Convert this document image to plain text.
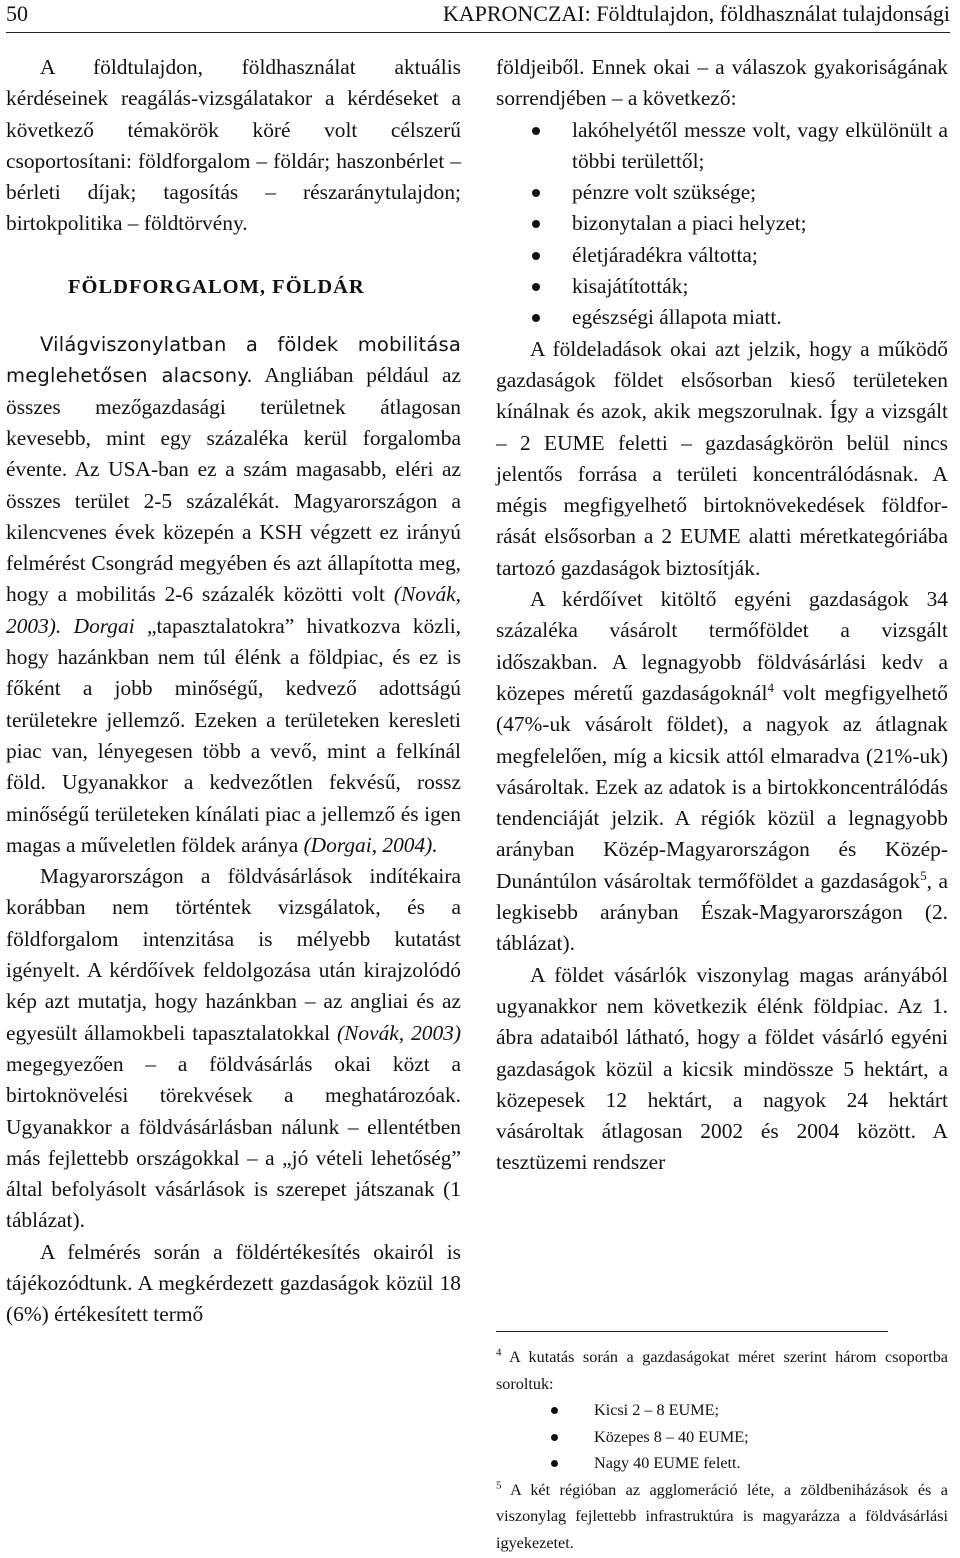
50	KAPRONCZAI: Földtulajdon, földhasználat tulajdonsági

A földtulajdon, földhasználat aktuális kérdéseinek reagálás-vizsgálatakor a kérdéseket a következő témakörök köré volt célszerű csoportosítani: földforgalom – földár; haszonbérlet – bérleti díjak; tagosítás – részaránytulajdon; birtokpolitika – földtörvény.

FÖLDFORGALOM, FÖLDÁR

Világviszonylatban a földek mobilitása meglehetősen alacsony. Angliában például az összes mezőgazdasági területnek átlagosan kevesebb, mint egy százaléka kerül forgalomba évente. Az USA-ban ez a szám magasabb, eléri az összes terület 2-5 százalékát. Magyarországon a kilencvenes évek közepén a KSH végzett ez irányú felmérést Csongrád megyében és azt állapította meg, hogy a mobilitás 2-6 százalék közötti volt (Novák, 2003). Dorgai „tapasztalatokra” hivatkozva közli, hogy hazánkban nem túl élénk a földpiac, és ez is főként a jobb minőségű, kedvező adottságú területekre jellemző. Ezeken a területeken keresleti piac van, lényegesen több a vevő, mint a felkínál föld. Ugyanakkor a kedvezőtlen fekvésű, rossz minőségű területeken kínálati piac a jellemző és igen magas a műveletlen földek aránya (Dorgai, 2004).

Magyarországon a földvásárlások indítékaira korábban nem történtek vizsgálatok, és a földforgalom intenzitása is mélyebb kutatást igényelt. A kérdőívek feldolgozása után kirajzolódó kép azt mutatja, hogy hazánkban – az angliai és az egyesült államokbeli tapasztalatokkal (Novák, 2003) megegyezően – a földvásárlás okai közt a birtoknövelési törekvések a meghatározóak. Ugyanakkor a földvásárlásban nálunk – ellentétben más fejlettebb országokkal – a „jó vételi lehetőség” által befolyásolt vásárlások is szerepet játszanak (1 táblázat).

A felmérés során a földértékesítés okairól is tájékozódtunk. A megkérdezett gazdaságok közül 18 (6%) értékesített termő

földjeiből. Ennek okai – a válaszok gyakoriságának sorrendjében – a következő:

lakóhelyétől messze volt, vagy elkülönült a többi területtől;
pénzre volt szüksége;
bizonytalan a piaci helyzet;
életjáradékra váltotta;
kisajátították;
egészségi állapota miatt.

A földeladások okai azt jelzik, hogy a működő gazdaságok földet elsősorban kieső területeken kínálnak és azok, akik megszorulnak. Így a vizsgált – 2 EUME feletti – gazdaságkörön belül nincs jelentős forrása a területi koncentrálódásnak. A mégis megfigyelhető birtoknövekedések földforrását elsősorban a 2 EUME alatti méretkategóriába tartozó gazdaságok biztosítják.

A kérdőívet kitöltő egyéni gazdaságok 34 százaléka vásárolt termőföldet a vizsgált időszakban. A legnagyobb földvásárlási kedv a közepes méretű gazdaságoknál$^4$ volt megfigyelhető (47%-uk vásárolt földet), a nagyok az átlagnak megfelelően, míg a kicsik attól elmaradva (21%-uk) vásároltak. Ezek az adatok is a birtokkoncentrálódás tendenciáját jelzik. A régiók közül a legnagyobb arányban Közép-Magyarországon és Közép-Dunántúlon vásároltak termőföldet a gazdaságok$^5$, a legkisebb arányban Észak-Magyarországon (2. táblázat).

A földet vásárlók viszonylag magas arányából ugyanakkor nem következik élénk földpiac. Az 1. ábra adataiból látható, hogy a földet vásárló egyéni gazdaságok közül a kicsik mindössze 5 hektárt, a közepesek 12 hektárt, a nagyok 24 hektárt vásároltak átlagosan 2002 és 2004 között. A tesztüzemi rendszer

$^4$ A kutatás során a gazdaságokat méret szerint három csoportba soroltuk:

Kicsi 2 – 8 EUME;
Közepes 8 – 40 EUME;
Nagy 40 EUME felett.

$^5$ A két régióban az agglomeráció léte, a zöldbeniházások és a viszonylag fejlettebb infrastruktúra is magyarázza a földvásárlási igyekezetet.
